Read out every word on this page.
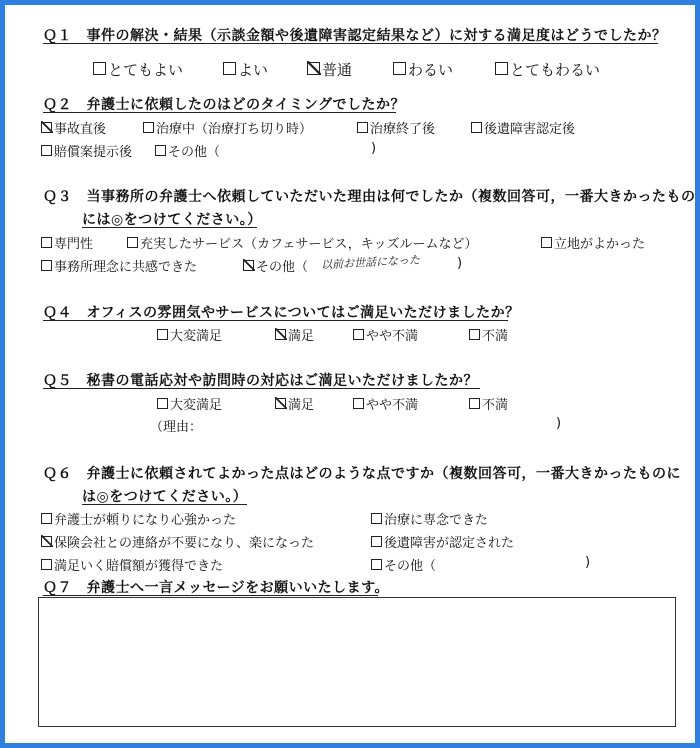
Ｑ１　事件の解決・結果（示談金額や後遺障害認定結果など）に対する満足度はどうでしたか？
とてもよい	よい	普通	わるい	とてもわるい
Ｑ２　弁護士に依頼したのはどのタイミングでしたか？
事故直後	治療中（治療打ち切り時）	治療終了後	後遺障害認定後
賠償案提示後	その他（	)
Ｑ３　当事務所の弁護士へ依頼していただいた理由は何でしたか（複数回答可，一番大きかったもの
には◎をつけてください。）
専門性	充実したサービス（カフェサービス，キッズルームなど）	立地がよかった
事務所理念に共感できた	その他（ 以前お世話になった	)
Ｑ４　オフィスの雰囲気やサービスについてはご満足いただけましたか？
大変満足	満足	やや不満	不満
Ｑ５　秘書の電話応対や訪問時の対応はご満足いただけましたか？
大変満足	満足	やや不満	不満
（理由：	)
Ｑ６　弁護士に依頼されてよかった点はどのような点ですか（複数回答可，一番大きかったものに
は◎をつけてください。）
弁護士が頼りになり心強かった	治療に専念できた
保険会社との連絡が不要になり、楽になった	後遺障害が認定された
満足いく賠償額が獲得できた	その他（	)
Ｑ７　弁護士へ一言メッセージをお願いいたします。
